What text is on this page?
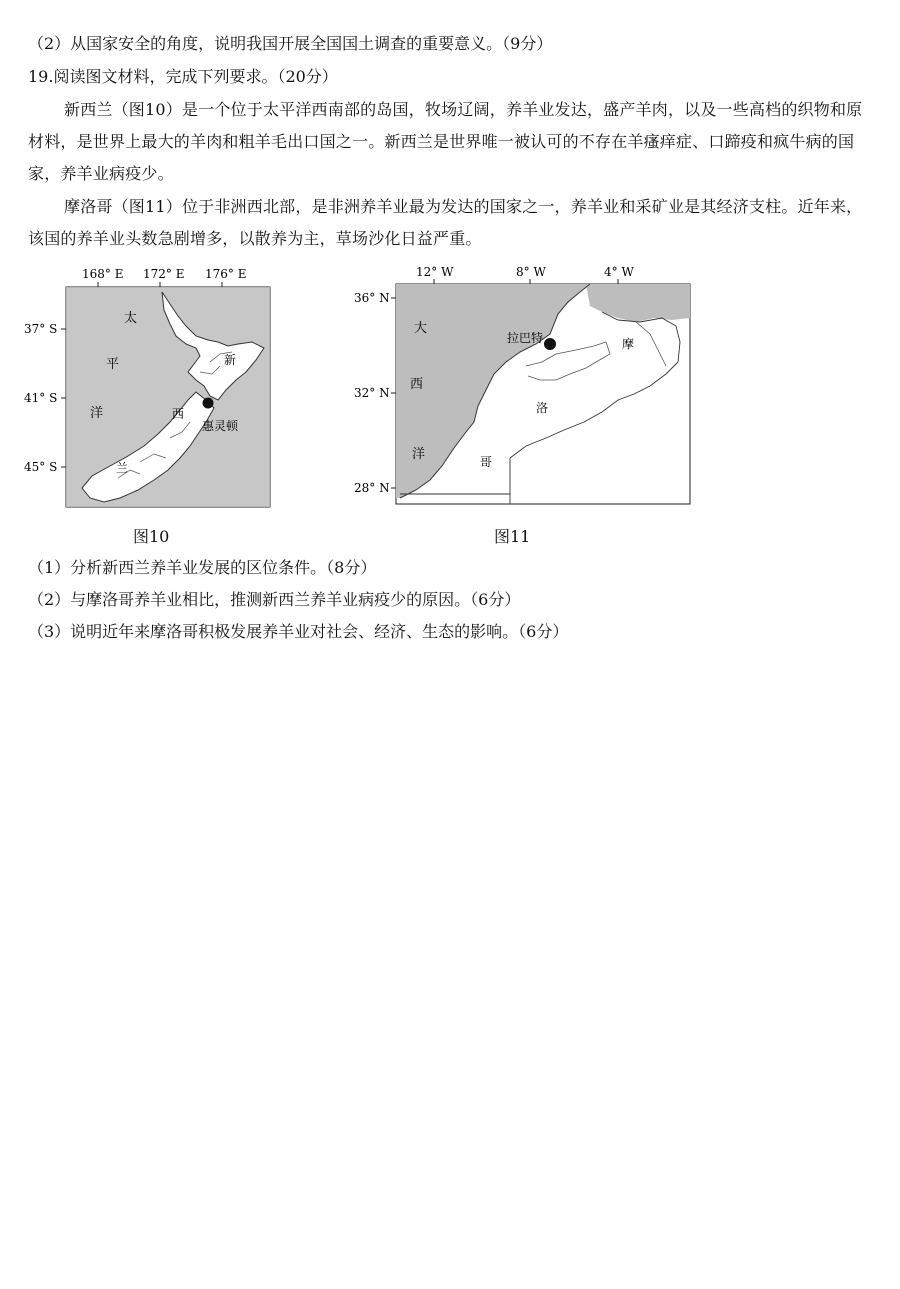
（2）从国家安全的角度，说明我国开展全国国土调查的重要意义。（9分）
19.阅读图文材料，完成下列要求。（20分）
新西兰（图10）是一个位于太平洋西南部的岛国，牧场辽阔，养羊业发达，盛产羊肉，以及一些高档的织物和原材料，是世界上最大的羊肉和粗羊毛出口国之一。新西兰是世界唯一被认可的不存在羊瘙痒症、口蹄疫和疯牛病的国家，养羊业病疫少。
摩洛哥（图11）位于非洲西北部，是非洲养羊业最为发达的国家之一，养羊业和采矿业是其经济支柱。近年来，该国的养羊业头数急剧增多，以散养为主，草场沙化日益严重。
168° E 172° E 176° E
37° S
41° S
45° S
太
平
洋
新
西
兰
惠灵顿
图10
12° W	8° W	4° W
36° N
32° N
28° N
大
西
洋
摩
洛
哥
拉巴特
图11
（1）分析新西兰养羊业发展的区位条件。（8分）
（2）与摩洛哥养羊业相比，推测新西兰养羊业病疫少的原因。（6分）
（3）说明近年来摩洛哥积极发展养羊业对社会、经济、生态的影响。（6分）
